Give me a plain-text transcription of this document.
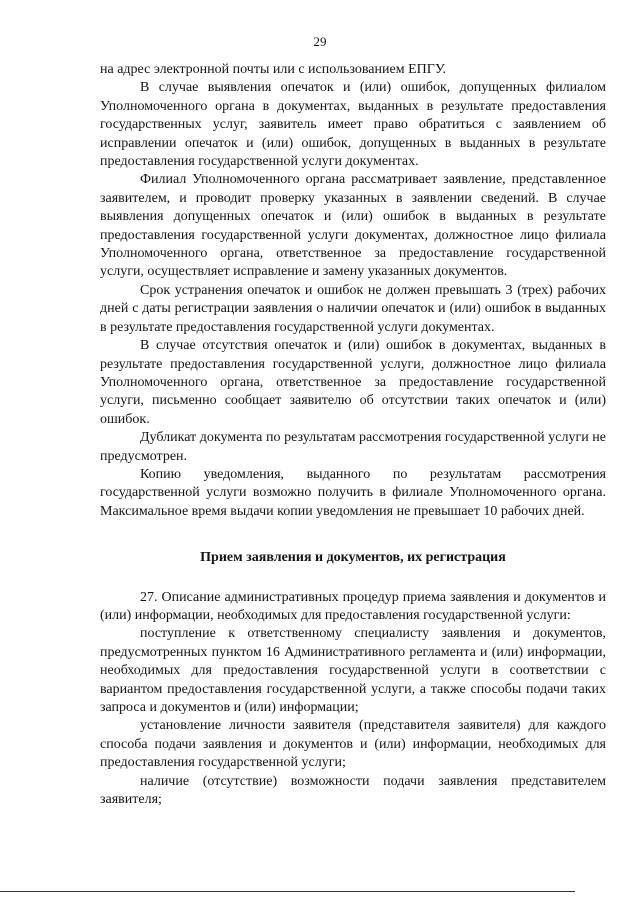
29

на адрес электронной почты или с использованием ЕПГУ.

В случае выявления опечаток и (или) ошибок, допущенных филиалом Уполномоченного органа в документах, выданных в результате предоставления государственных услуг, заявитель имеет право обратиться с заявлением об исправлении опечаток и (или) ошибок, допущенных в выданных в результате предоставления государственной услуги документах.

Филиал Уполномоченного органа рассматривает заявление, представленное заявителем, и проводит проверку указанных в заявлении сведений. В случае выявления допущенных опечаток и (или) ошибок в выданных в результате предоставления государственной услуги документах, должностное лицо филиала Уполномоченного органа, ответственное за предоставление государственной услуги, осуществляет исправление и замену указанных документов.

Срок устранения опечаток и ошибок не должен превышать 3 (трех) рабочих дней с даты регистрации заявления о наличии опечаток и (или) ошибок в выданных в результате предоставления государственной услуги документах.

В случае отсутствия опечаток и (или) ошибок в документах, выданных в результате предоставления государственной услуги, должностное лицо филиала Уполномоченного органа, ответственное за предоставление государственной услуги, письменно сообщает заявителю об отсутствии таких опечаток и (или) ошибок.

Дубликат документа по результатам рассмотрения государственной услуги не предусмотрен.

Копию уведомления, выданного по результатам рассмотрения государственной услуги возможно получить в филиале Уполномоченного органа. Максимальное время выдачи копии уведомления не превышает 10 рабочих дней.

Прием заявления и документов, их регистрация

27. Описание административных процедур приема заявления и документов и (или) информации, необходимых для предоставления государственной услуги:

поступление к ответственному специалисту заявления и документов, предусмотренных пунктом 16 Административного регламента и (или) информации, необходимых для предоставления государственной услуги в соответствии с вариантом предоставления государственной услуги, а также способы подачи таких запроса и документов и (или) информации;

установление личности заявителя (представителя заявителя) для каждого способа подачи заявления и документов и (или) информации, необходимых для предоставления государственной услуги;

наличие (отсутствие) возможности подачи заявления представителем заявителя;
